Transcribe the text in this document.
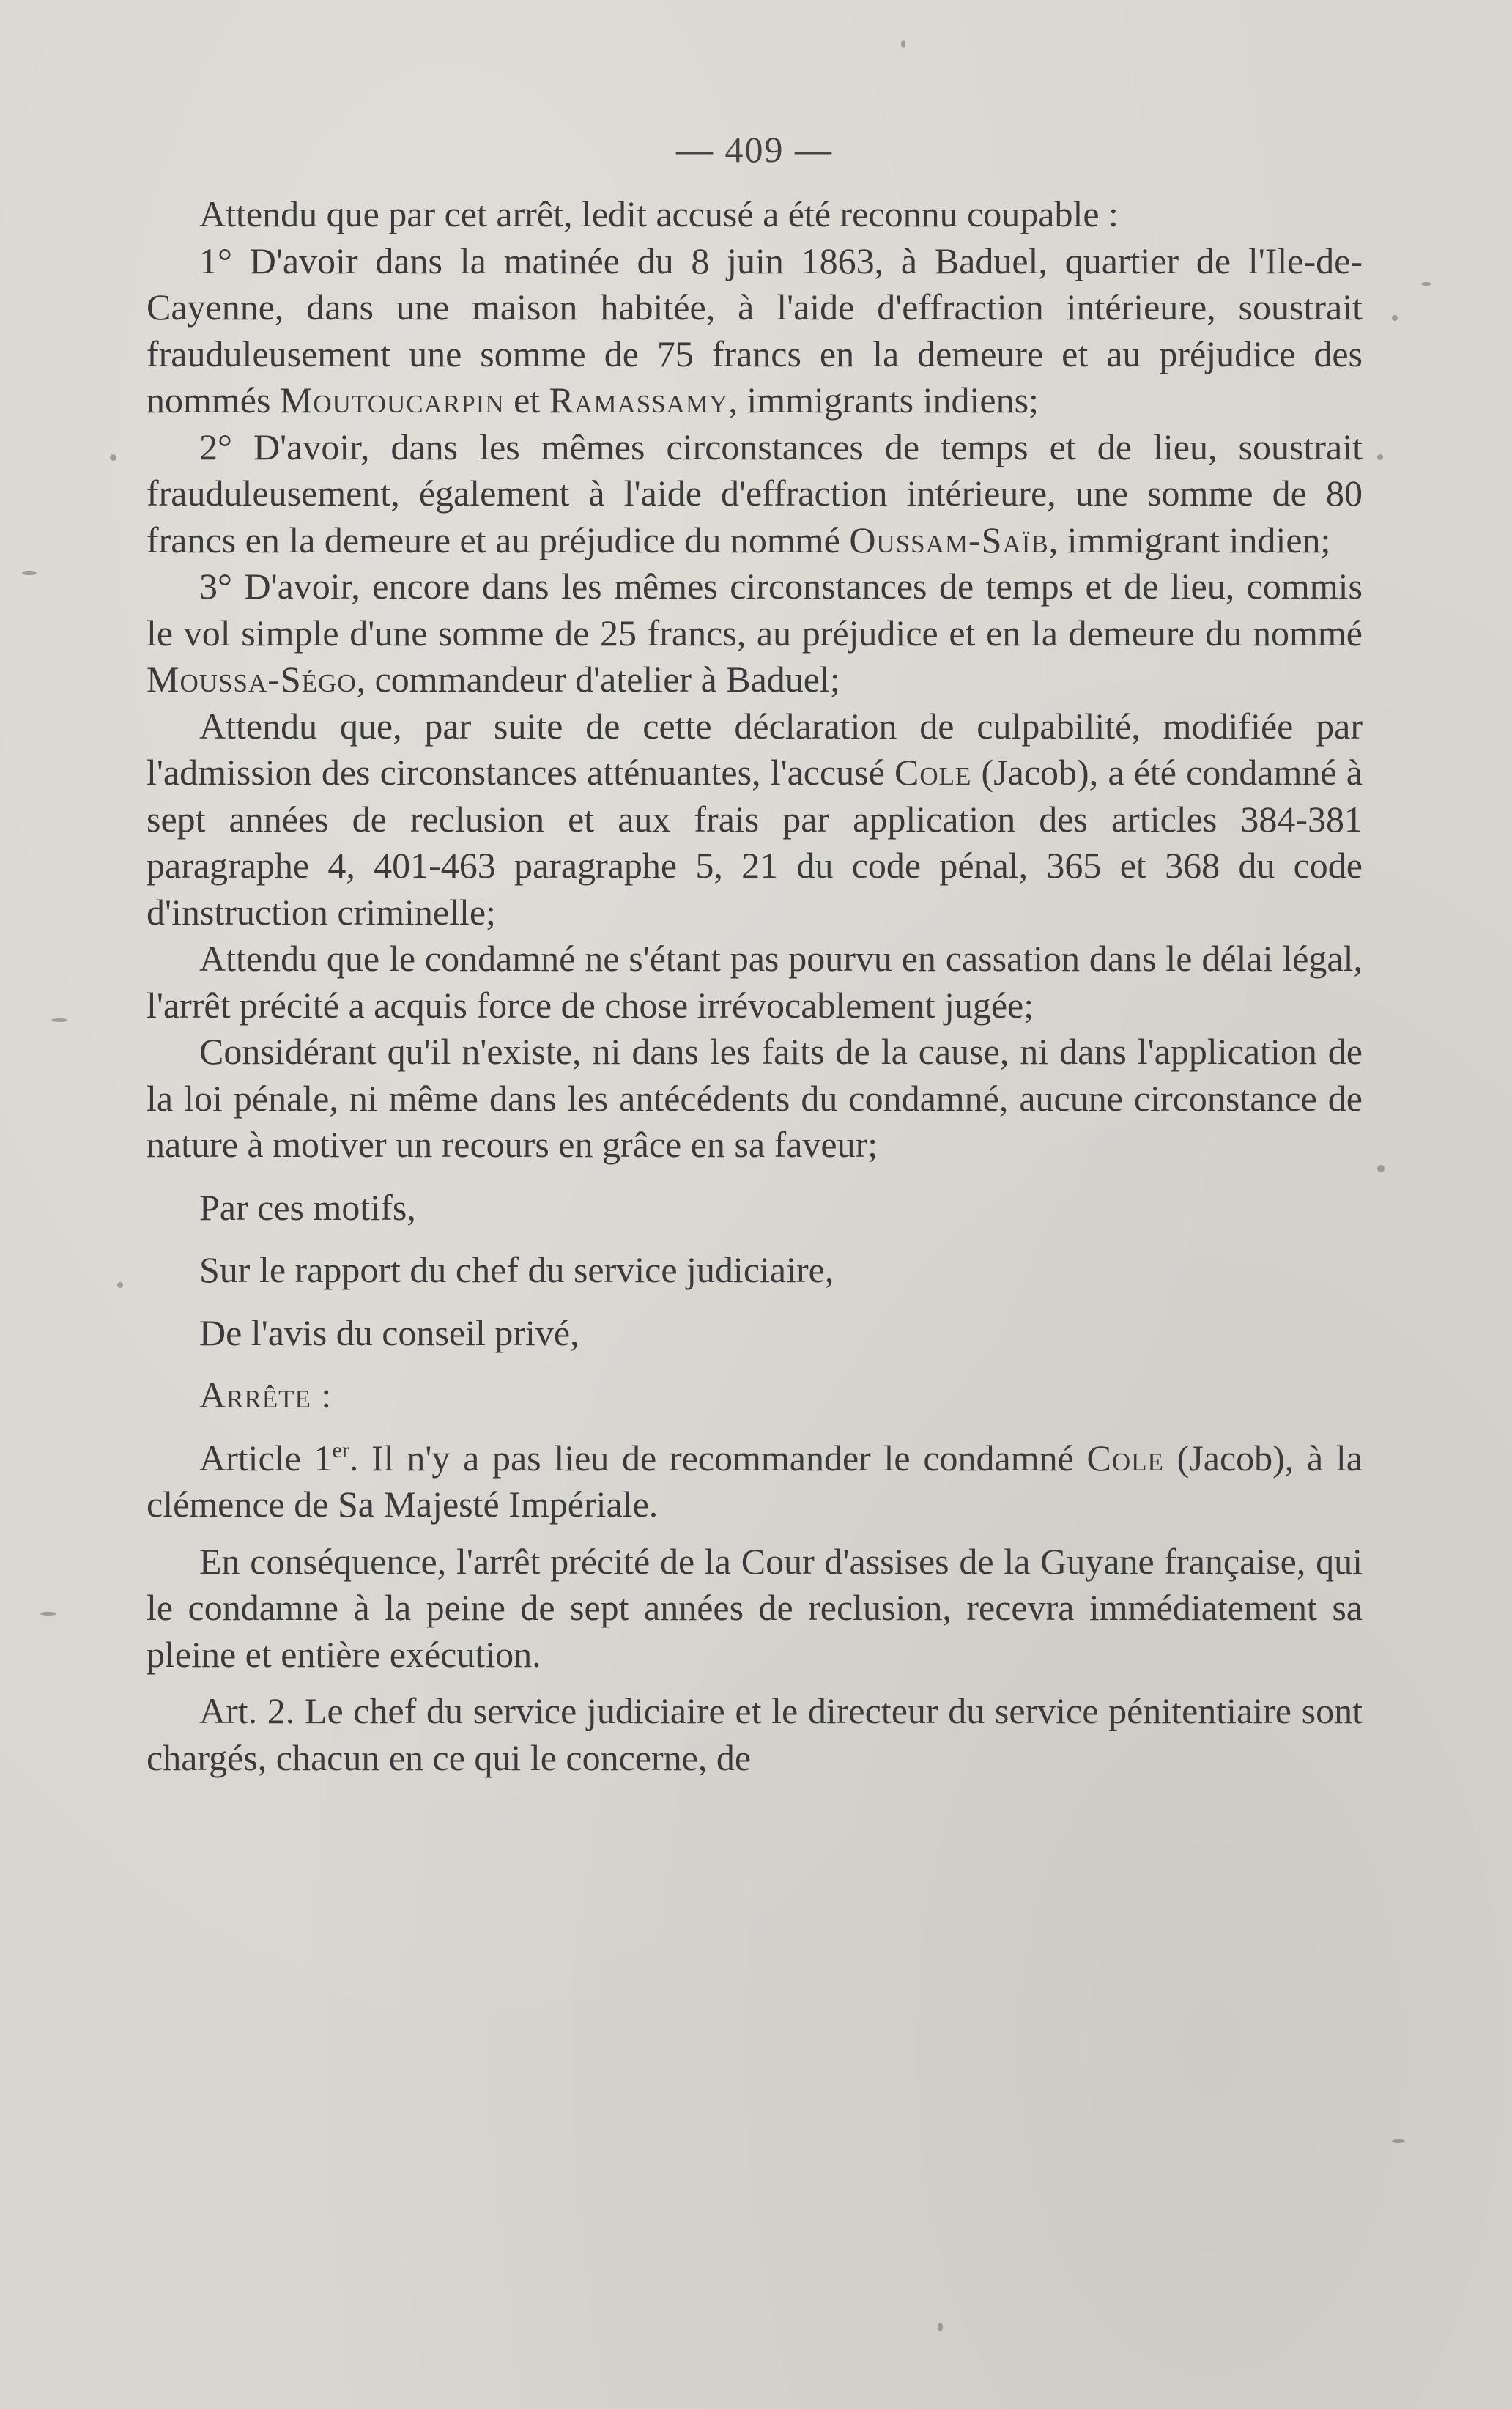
— 409 —

Attendu que par cet arrêt, ledit accusé a été reconnu coupable :

1° D'avoir dans la matinée du 8 juin 1863, à Baduel, quartier de l'Ile-de-Cayenne, dans une maison habitée, à l'aide d'effraction intérieure, soustrait frauduleusement une somme de 75 francs en la demeure et au préjudice des nommés Moutoucarpin et Ramassamy, immigrants indiens;

2° D'avoir, dans les mêmes circonstances de temps et de lieu, soustrait frauduleusement, également à l'aide d'effraction intérieure, une somme de 80 francs en la demeure et au préjudice du nommé Oussam-Saïb, immigrant indien;

3° D'avoir, encore dans les mêmes circonstances de temps et de lieu, commis le vol simple d'une somme de 25 francs, au préjudice et en la demeure du nommé Moussa-Ségo, commandeur d'atelier à Baduel;

Attendu que, par suite de cette déclaration de culpabilité, modifiée par l'admission des circonstances atténuantes, l'accusé Cole (Jacob), a été condamné à sept années de reclusion et aux frais par application des articles 384-381 paragraphe 4, 401-463 paragraphe 5, 21 du code pénal, 365 et 368 du code d'instruction criminelle;

Attendu que le condamné ne s'étant pas pourvu en cassation dans le délai légal, l'arrêt précité a acquis force de chose irrévocablement jugée;

Considérant qu'il n'existe, ni dans les faits de la cause, ni dans l'application de la loi pénale, ni même dans les antécédents du condamné, aucune circonstance de nature à motiver un recours en grâce en sa faveur;

Par ces motifs,

Sur le rapport du chef du service judiciaire,

De l'avis du conseil privé,

Arrête :

Article 1er. Il n'y a pas lieu de recommander le condamné Cole (Jacob), à la clémence de Sa Majesté Impériale.

En conséquence, l'arrêt précité de la Cour d'assises de la Guyane française, qui le condamne à la peine de sept années de reclusion, recevra immédiatement sa pleine et entière exécution.

Art. 2. Le chef du service judiciaire et le directeur du service pénitentiaire sont chargés, chacun en ce qui le concerne, de
